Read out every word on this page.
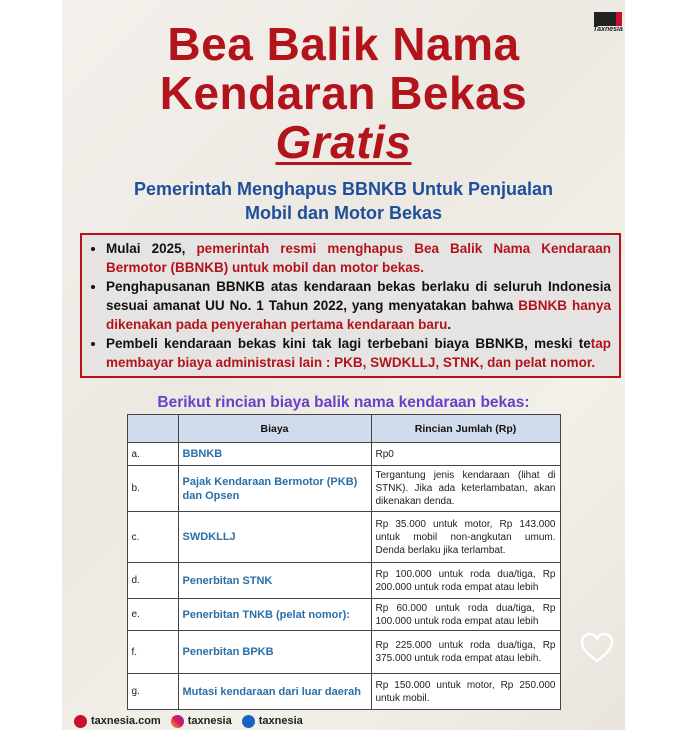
Taxnesia
Bea Balik Nama
Kendaran Bekas
Gratis
Pemerintah Menghapus BBNKB Untuk Penjualan
Mobil dan Motor Bekas
• Mulai 2025, pemerintah resmi menghapus Bea Balik Nama Kendaraan Bermotor (BBNKB) untuk mobil dan motor bekas.
• Penghapusanan BBNKB atas kendaraan bekas berlaku di seluruh Indonesia sesuai amanat UU No. 1 Tahun 2022, yang menyatakan bahwa BBNKB hanya dikenakan pada penyerahan pertama kendaraan baru.
• Pembeli kendaraan bekas kini tak lagi terbebani biaya BBNKB, meski tetap membayar biaya administrasi lain : PKB, SWDKLLJ, STNK, dan pelat nomor.
Berikut rincian biaya balik nama kendaraan bekas:
	Biaya	Rincian Jumlah (Rp)
a.	BBNKB	Rp0
b.	Pajak Kendaraan Bermotor (PKB) dan Opsen	Tergantung jenis kendaraan (lihat di STNK). Jika ada keterlambatan, akan dikenakan denda.
c.	SWDKLLJ	Rp 35.000 untuk motor, Rp 143.000 untuk mobil non-angkutan umum. Denda berlaku jika terlambat.
d.	Penerbitan STNK	Rp 100.000 untuk roda dua/tiga, Rp 200.000 untuk roda empat atau lebih
e.	Penerbitan TNKB (pelat nomor):	Rp 60.000 untuk roda dua/tiga, Rp 100.000 untuk roda empat atau lebih
f.	Penerbitan BPKB	Rp 225.000 untuk roda dua/tiga, Rp 375.000 untuk roda empat atau lebih.
g.	Mutasi kendaraan dari luar daerah	Rp 150.000 untuk motor, Rp 250.000 untuk mobil.
taxnesia.com taxnesia taxnesia
